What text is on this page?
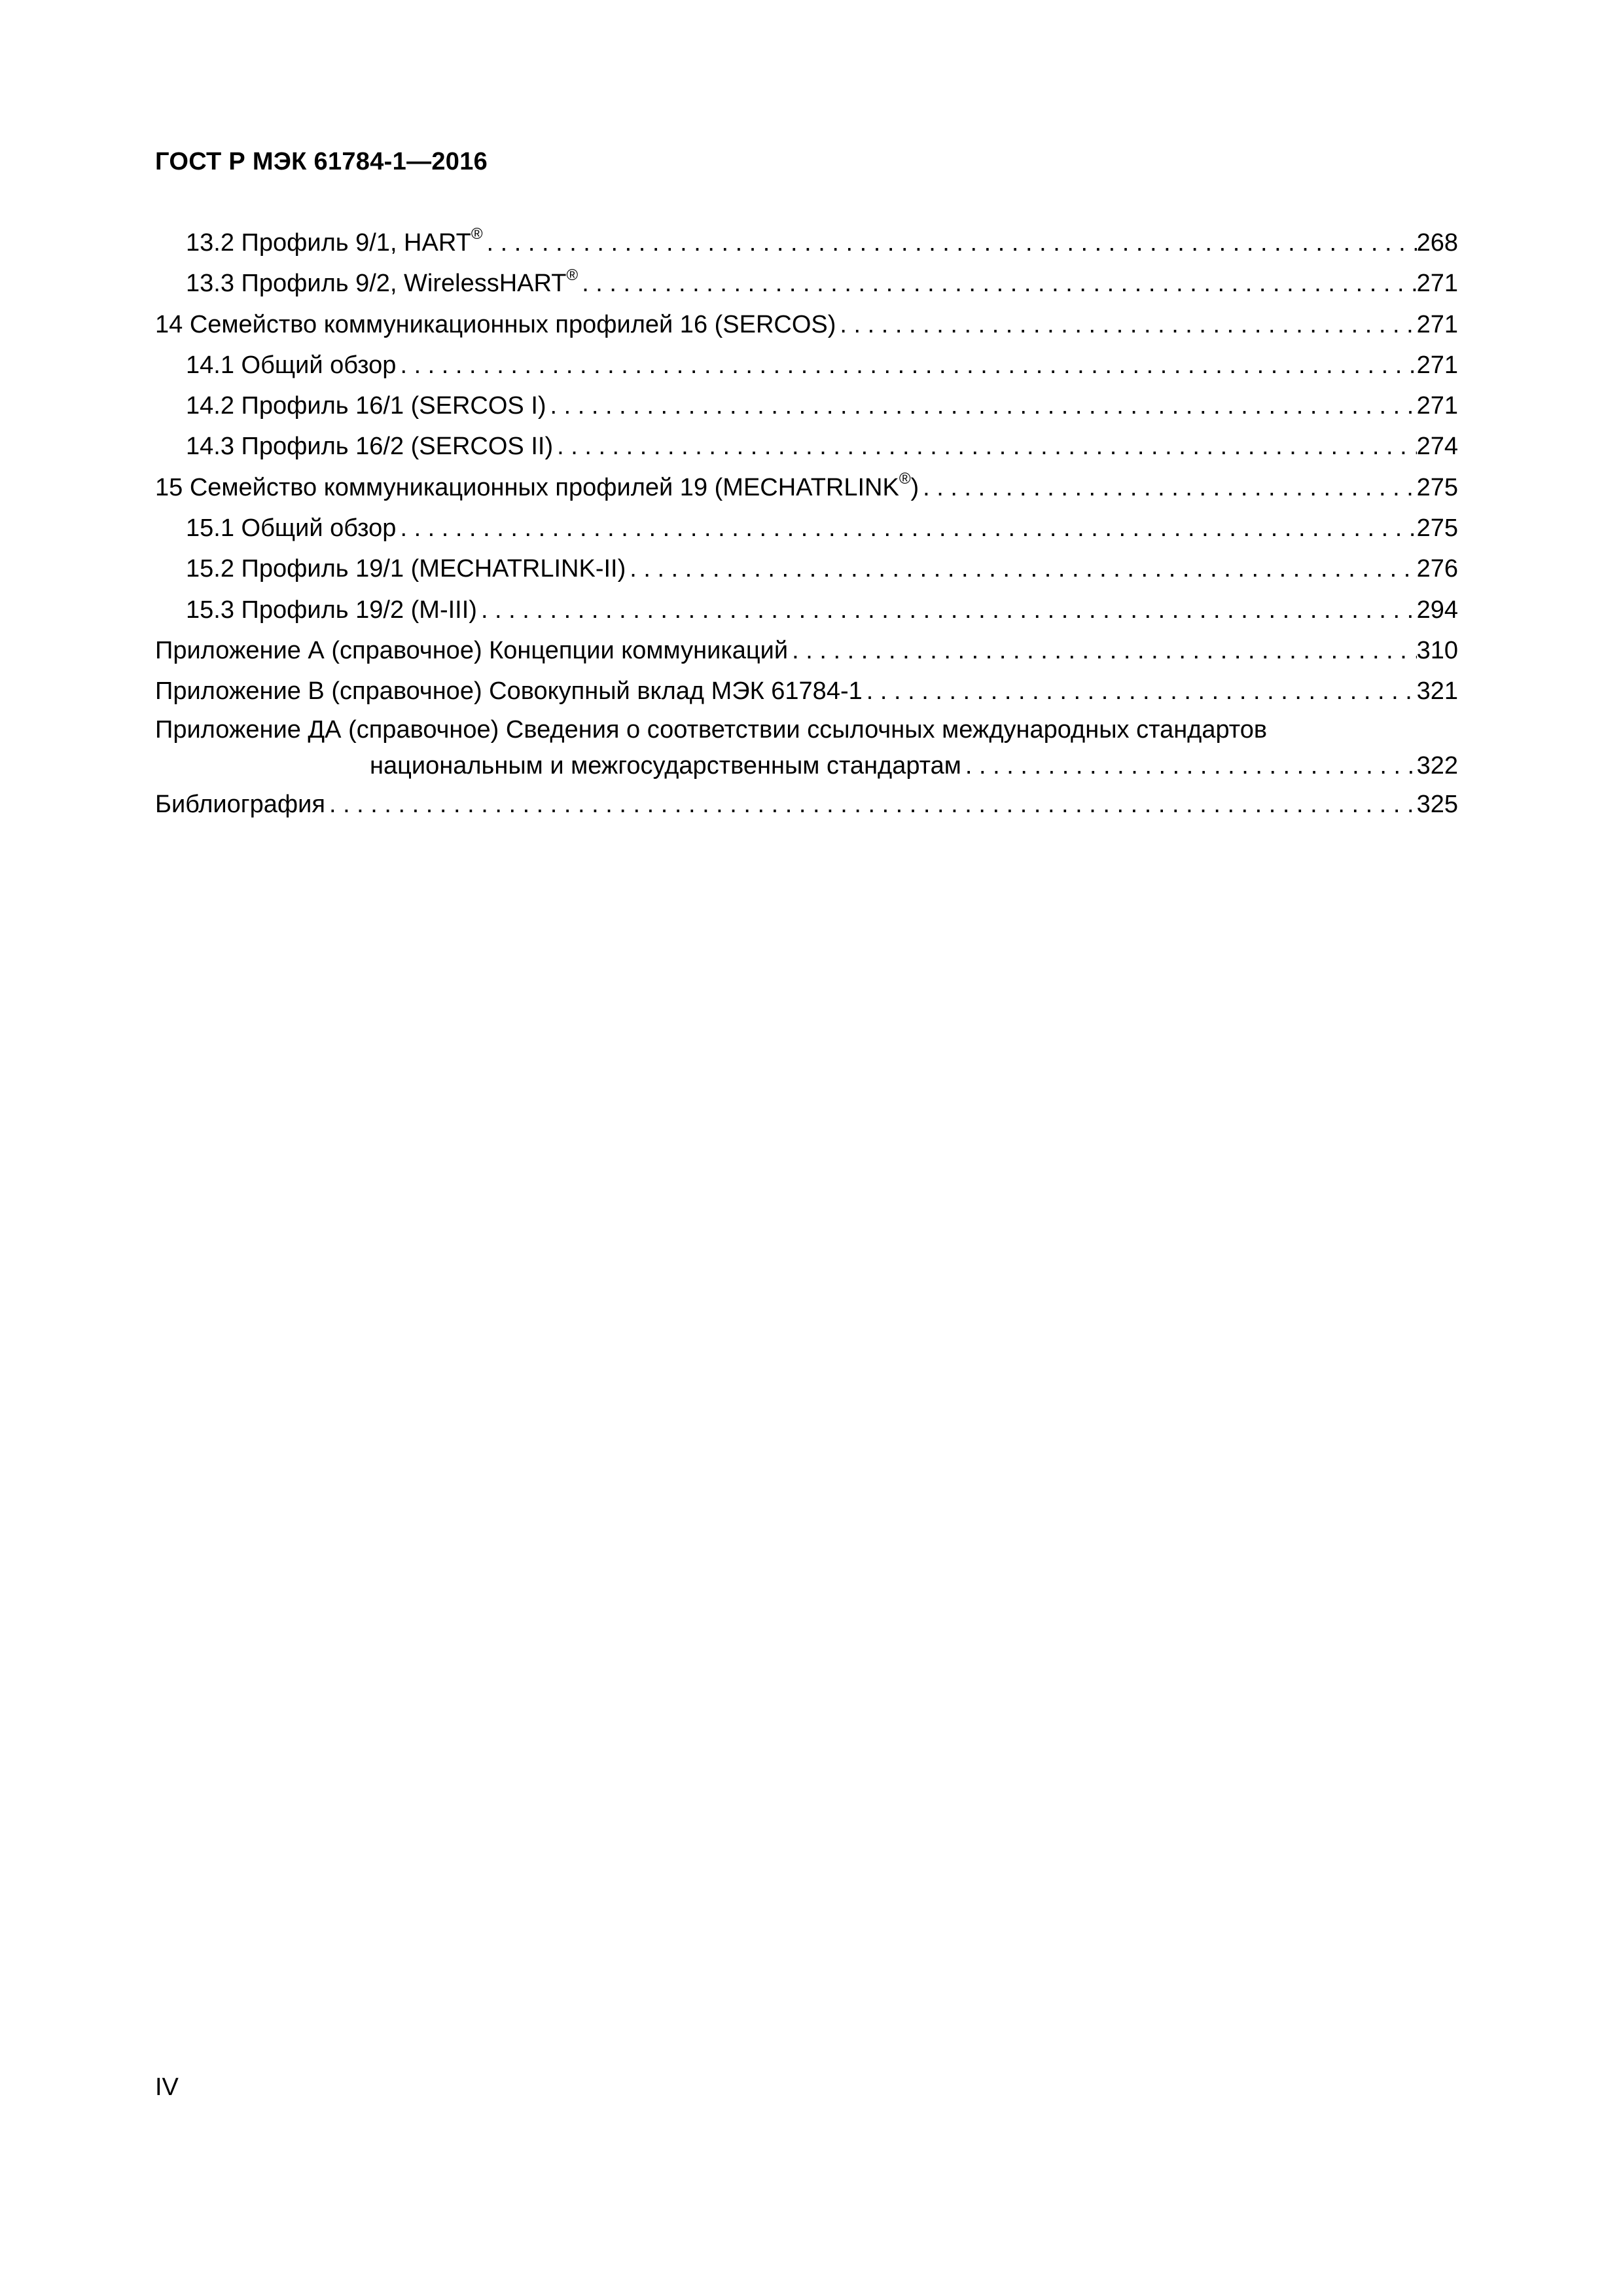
ГОСТ Р МЭК 61784-1—2016
13.2 Профиль 9/1, HART® . . .	268
13.3 Профиль 9/2, WirelessHART® . . .	271
14 Семейство коммуникационных профилей 16 (SERCOS) . . .	271
14.1 Общий обзор . . .	271
14.2 Профиль 16/1 (SERCOS I) . . .	271
14.3 Профиль 16/2 (SERCOS II) . . .	274
15 Семейство коммуникационных профилей 19 (MECHATRLINK®) . . .	275
15.1 Общий обзор . . .	275
15.2 Профиль 19/1 (MECHATRLINK-II) . . .	276
15.3 Профиль 19/2 (M-III) . . .	294
Приложение А (справочное) Концепции коммуникаций . . .	310
Приложение В (справочное) Совокупный вклад МЭК 61784-1 . . .	321
Приложение ДА (справочное) Сведения о соответствии ссылочных международных стандартов
национальным и межгосударственным стандартам . . .	322
Библиография . . .	325
IV
